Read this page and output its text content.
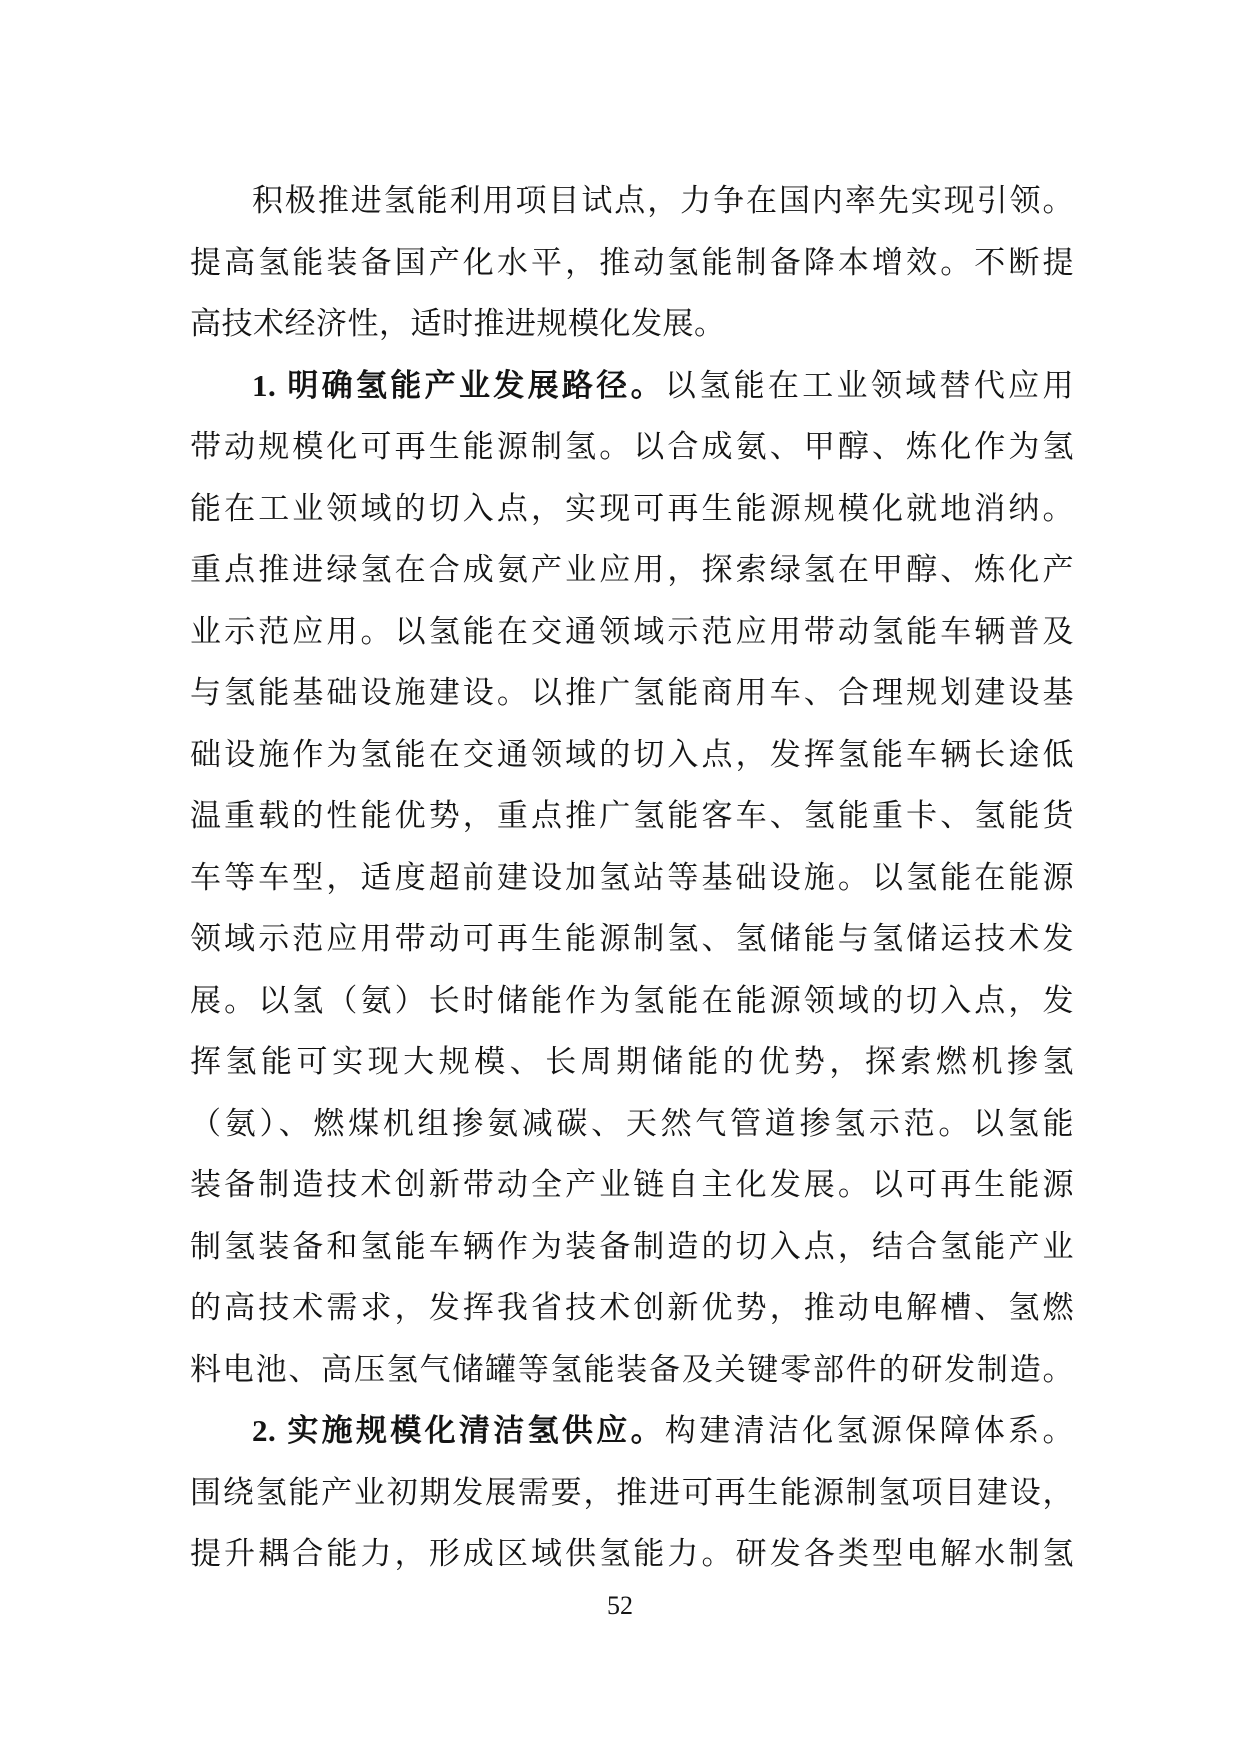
积极推进氢能利用项目试点，力争在国内率先实现引领。
提高氢能装备国产化水平，推动氢能制备降本增效。不断提
高技术经济性，适时推进规模化发展。
1. 明确氢能产业发展路径。以氢能在工业领域替代应用
带动规模化可再生能源制氢。以合成氨、甲醇、炼化作为氢
能在工业领域的切入点，实现可再生能源规模化就地消纳。
重点推进绿氢在合成氨产业应用，探索绿氢在甲醇、炼化产
业示范应用。以氢能在交通领域示范应用带动氢能车辆普及
与氢能基础设施建设。以推广氢能商用车、合理规划建设基
础设施作为氢能在交通领域的切入点，发挥氢能车辆长途低
温重载的性能优势，重点推广氢能客车、氢能重卡、氢能货
车等车型，适度超前建设加氢站等基础设施。以氢能在能源
领域示范应用带动可再生能源制氢、氢储能与氢储运技术发
展。以氢（氨）长时储能作为氢能在能源领域的切入点，发
挥氢能可实现大规模、长周期储能的优势，探索燃机掺氢
（氨）、燃煤机组掺氨减碳、天然气管道掺氢示范。以氢能
装备制造技术创新带动全产业链自主化发展。以可再生能源
制氢装备和氢能车辆作为装备制造的切入点，结合氢能产业
的高技术需求，发挥我省技术创新优势，推动电解槽、氢燃
料电池、高压氢气储罐等氢能装备及关键零部件的研发制造。
2. 实施规模化清洁氢供应。构建清洁化氢源保障体系。
围绕氢能产业初期发展需要，推进可再生能源制氢项目建设，
提升耦合能力，形成区域供氢能力。研发各类型电解水制氢
52
